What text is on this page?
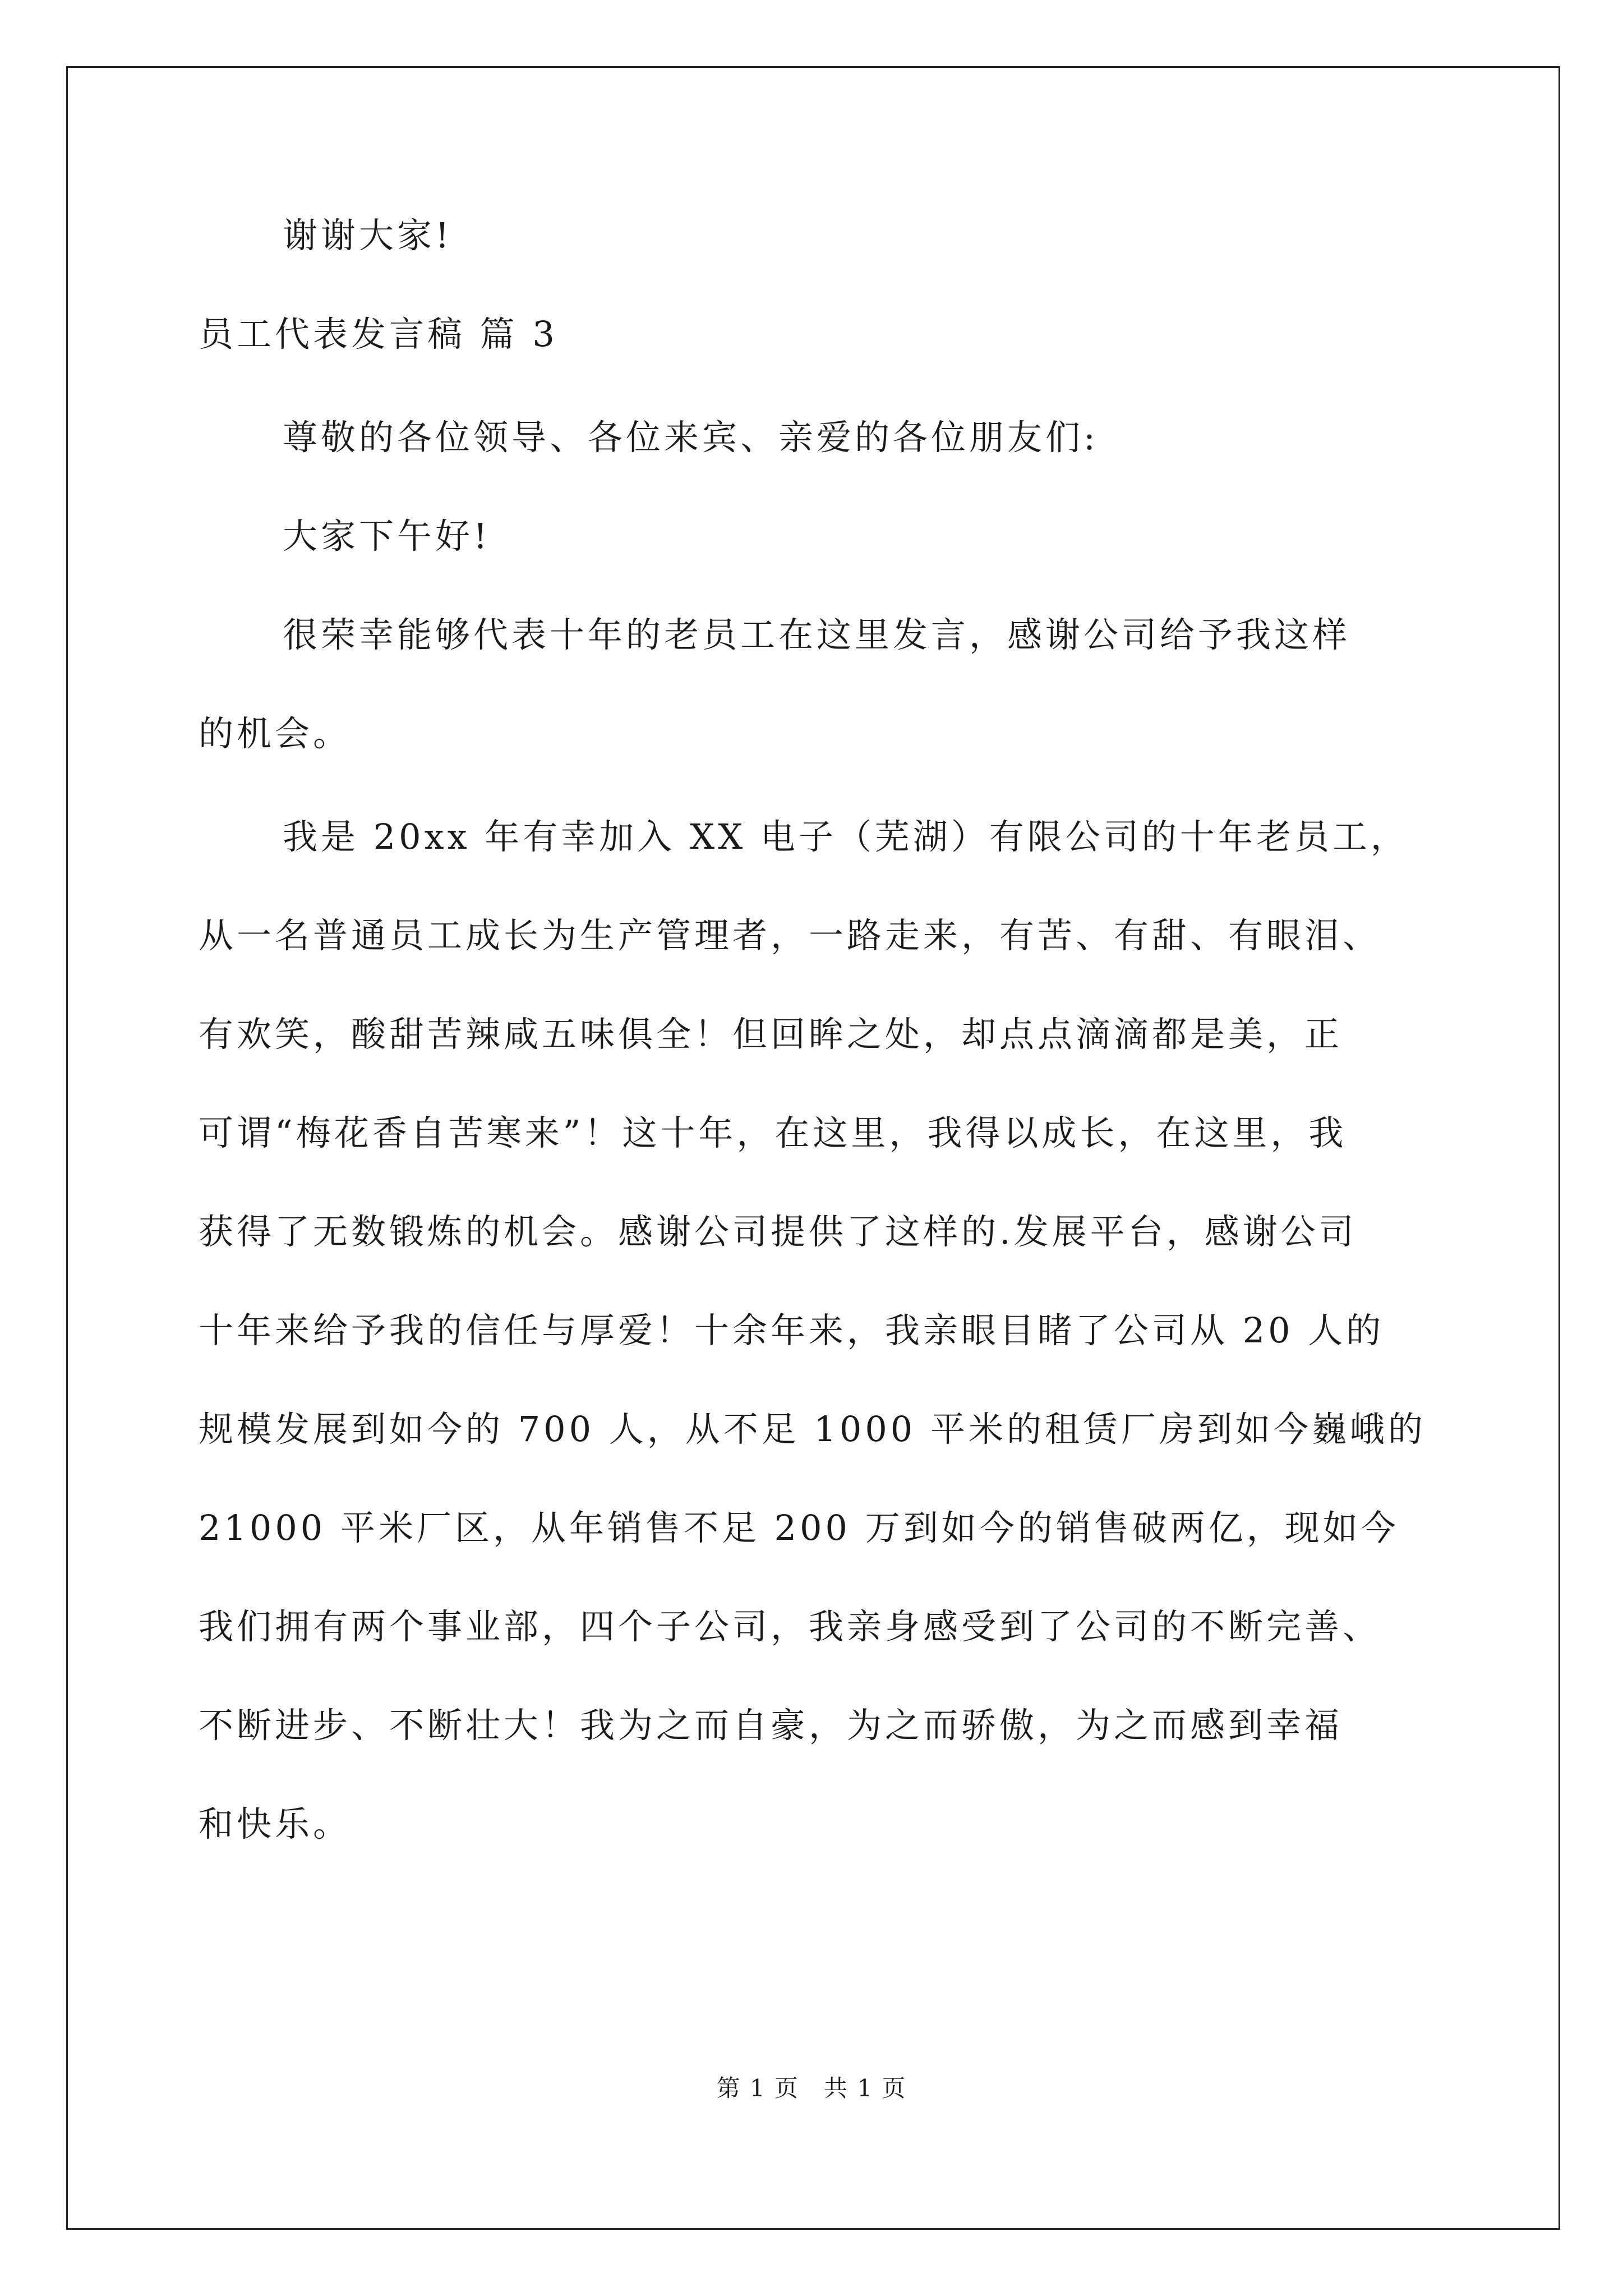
谢谢大家!
员工代表发言稿 篇 3
尊敬的各位领导、各位来宾、亲爱的各位朋友们:
大家下午好!
很荣幸能够代表十年的老员工在这里发言，感谢公司给予我这样
的机会。
我是 20xx 年有幸加入 XX 电子（芜湖）有限公司的十年老员工，
从一名普通员工成长为生产管理者，一路走来，有苦、有甜、有眼泪、
有欢笑，酸甜苦辣咸五味俱全！但回眸之处，却点点滴滴都是美，正
可谓“梅花香自苦寒来”！这十年，在这里，我得以成长，在这里，我
获得了无数锻炼的机会。感谢公司提供了这样的.发展平台，感谢公司
十年来给予我的信任与厚爱！十余年来，我亲眼目睹了公司从 20 人的
规模发展到如今的 700 人，从不足 1000 平米的租赁厂房到如今巍峨的
21000 平米厂区，从年销售不足 200 万到如今的销售破两亿，现如今
我们拥有两个事业部，四个子公司，我亲身感受到了公司的不断完善、
不断进步、不断壮大！我为之而自豪，为之而骄傲，为之而感到幸福
和快乐。
第 1 页 共 1 页
